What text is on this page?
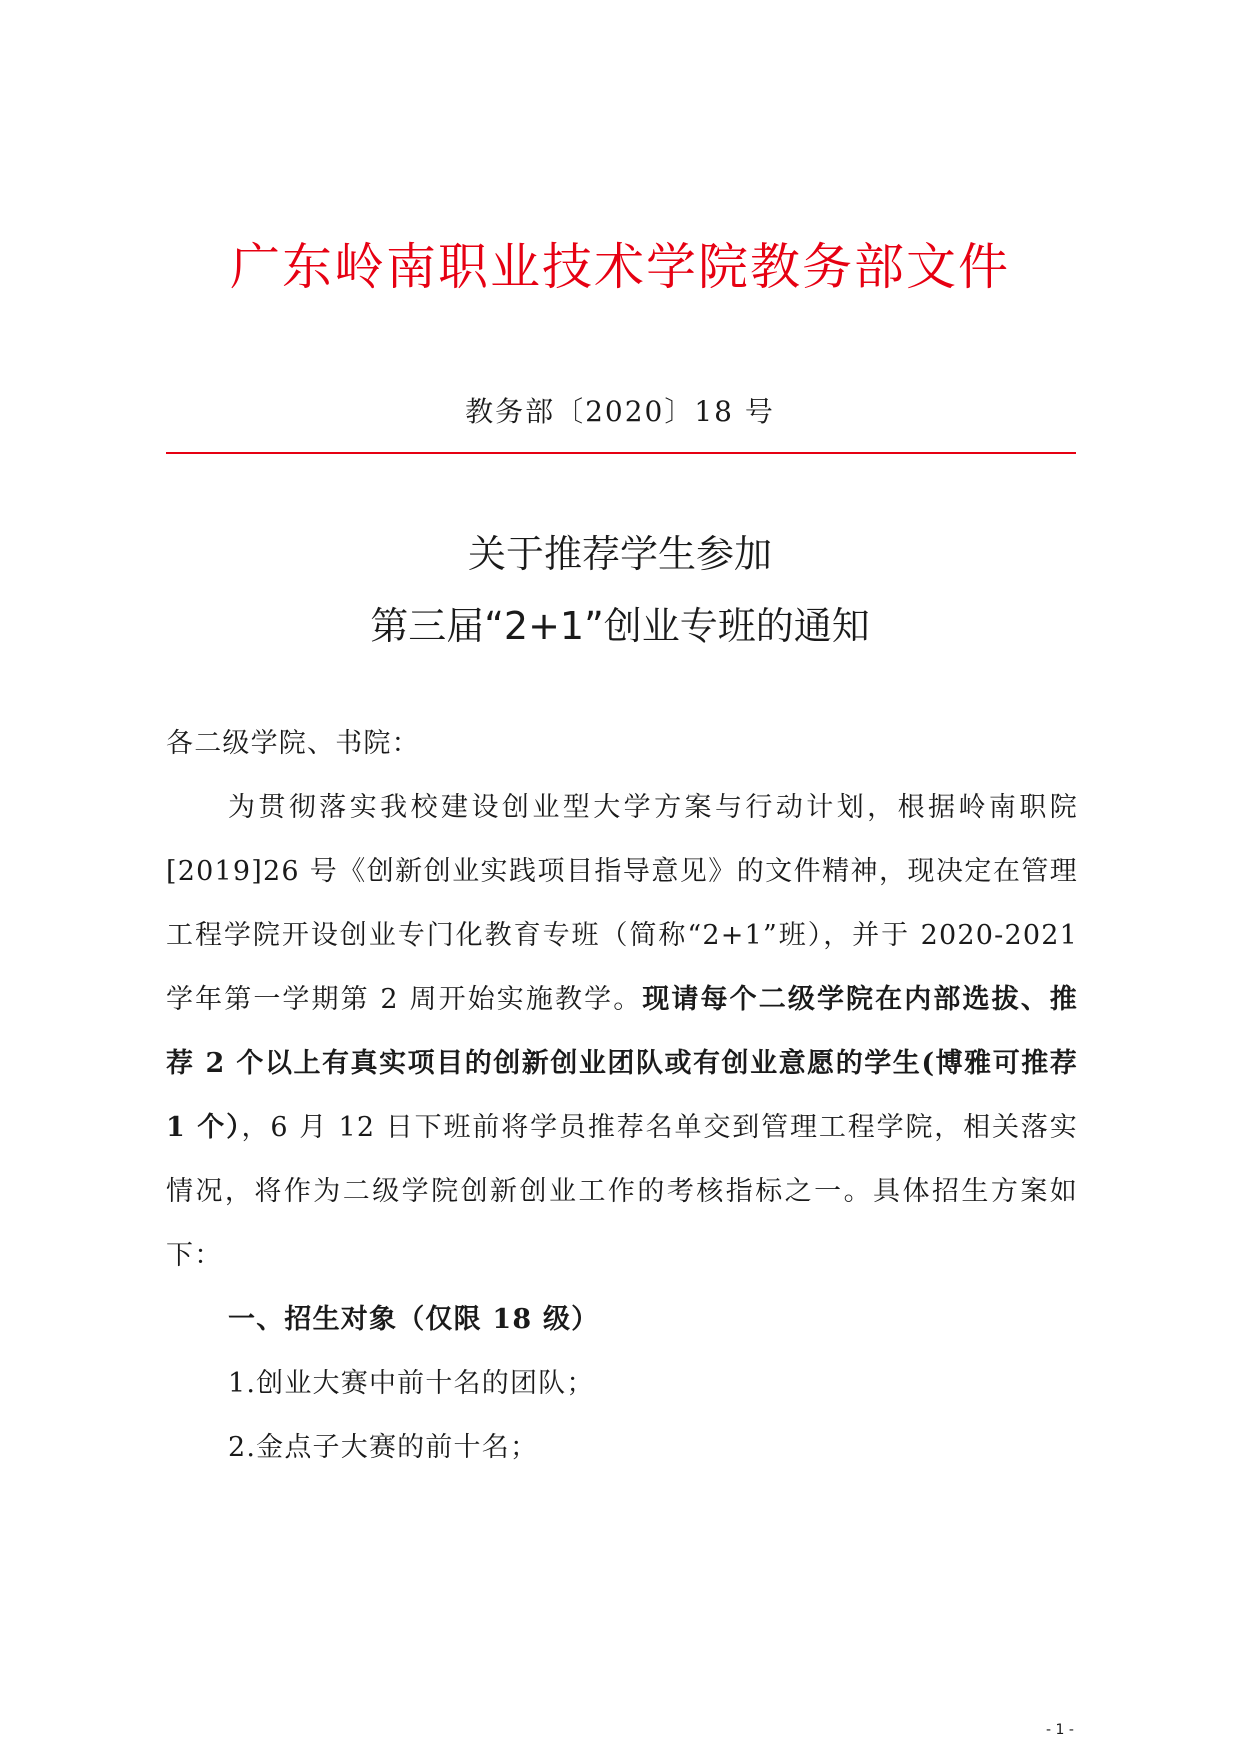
广东岭南职业技术学院教务部文件
教务部〔2020〕18 号
关于推荐学生参加
第三届“2+1”创业专班的通知

各二级学院、书院：

为贯彻落实我校建设创业型大学方案与行动计划，根据岭南职院[2019]26 号《创新创业实践项目指导意见》的文件精神，现决定在管理工程学院开设创业专门化教育专班（简称“2+1”班），并于 2020-2021 学年第一学期第 2 周开始实施教学。现请每个二级学院在内部选拔、推荐 2 个以上有真实项目的创新创业团队或有创业意愿的学生(博雅可推荐 1 个），6 月 12 日下班前将学员推荐名单交到管理工程学院，相关落实情况，将作为二级学院创新创业工作的考核指标之一。具体招生方案如下：

一、招生对象（仅限 18 级）

1.创业大赛中前十名的团队；

2.金点子大赛的前十名；

- 1 -
